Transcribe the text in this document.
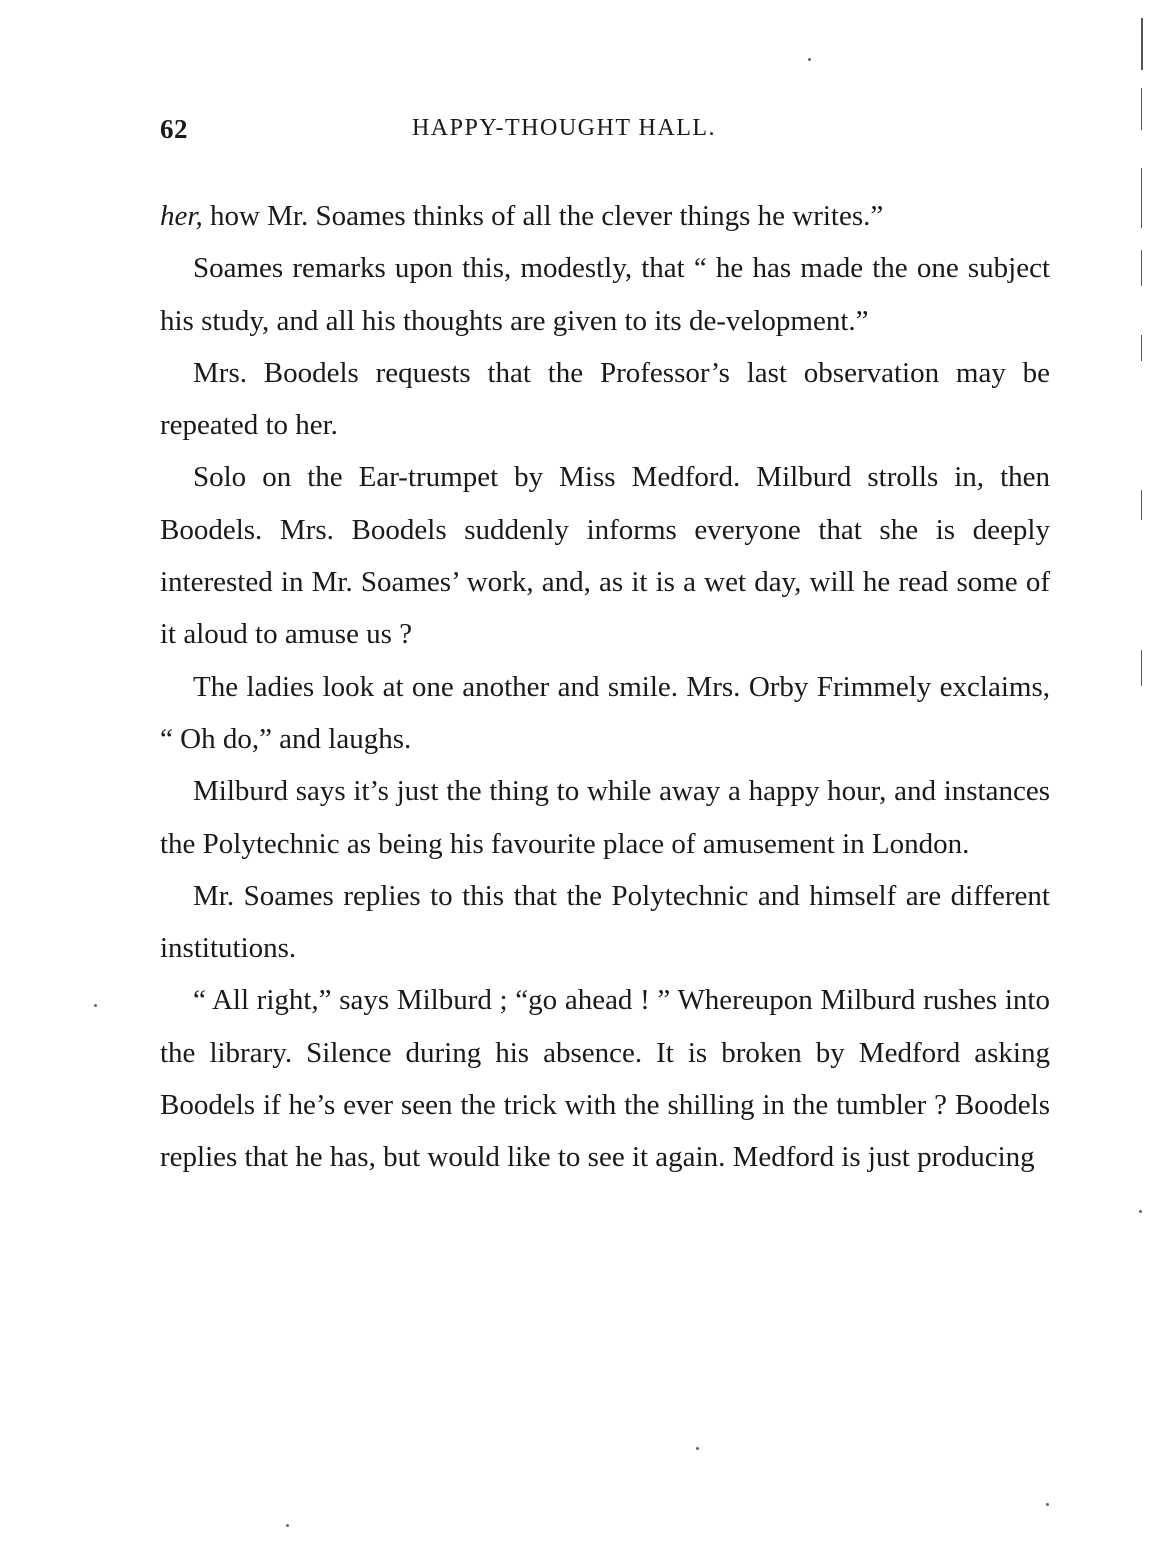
62	HAPPY-THOUGHT HALL.

her, how Mr. Soames thinks of all the clever things he writes.”

Soames remarks upon this, modestly, that “ he has made the one subject his study, and all his thoughts are given to its de-velopment.”

Mrs. Boodels requests that the Professor’s last observation may be repeated to her.

Solo on the Ear-trumpet by Miss Medford. Milburd strolls in, then Boodels. Mrs. Boodels suddenly informs everyone that she is deeply interested in Mr. Soames’ work, and, as it is a wet day, will he read some of it aloud to amuse us ?

The ladies look at one another and smile. Mrs. Orby Frimmely exclaims, “ Oh do,” and laughs.

Milburd says it’s just the thing to while away a happy hour, and instances the Polytechnic as being his favourite place of amusement in London.

Mr. Soames replies to this that the Polytechnic and himself are different institutions.

“ All right,” says Milburd ; “go ahead ! ” Whereupon Milburd rushes into the library. Silence during his absence. It is broken by Medford asking Boodels if he’s ever seen the trick with the shilling in the tumbler ? Boodels replies that he has, but would like to see it again. Medford is just producing
